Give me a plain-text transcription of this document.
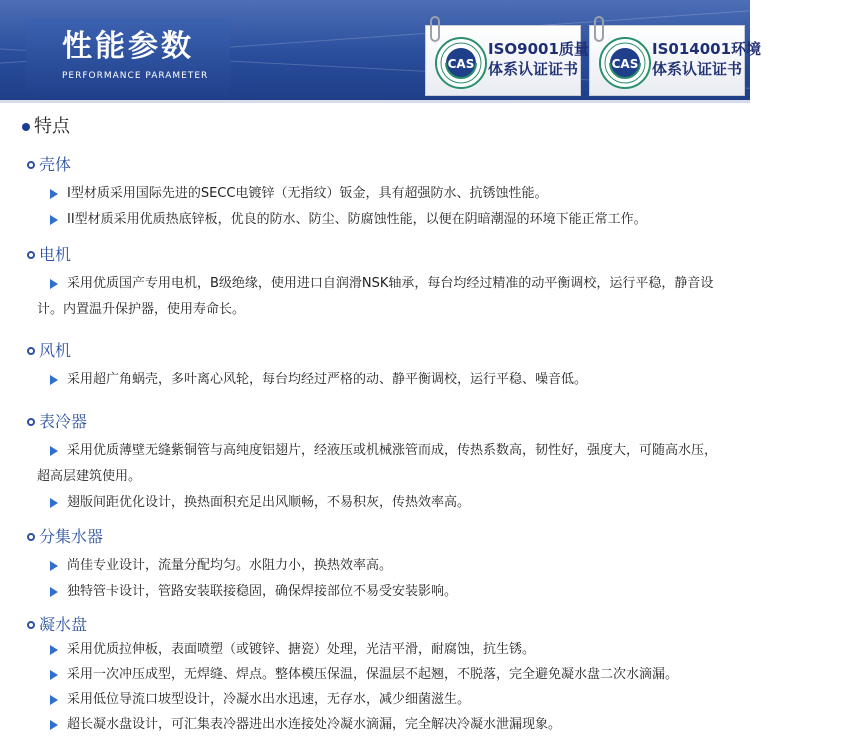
性能参数
PERFORMANCE PARAMETER
CAS
ISO9001质量
体系认证证书	CAS
IS014001环境
体系认证证书
特点
壳体
I型材质采用国际先进的SECC电镀锌（无指纹）钣金，具有超强防水、抗锈蚀性能。
II型材质采用优质热底锌板，优良的防水、防尘、防腐蚀性能，以便在阴暗潮湿的环境下能正常工作。
电机
采用优质国产专用电机，B级绝缘，使用进口自润滑NSK轴承，每台均经过精准的动平衡调校，运行平稳，静音设计。内置温升保护器，使用寿命长。
风机
采用超广角蜗壳，多叶离心风轮，每台均经过严格的动、静平衡调校，运行平稳、噪音低。
表冷器
采用优质薄壁无缝紫铜管与高纯度铝翅片，经液压或机械涨管而成，传热系数高，韧性好，强度大，可随高水压，超高层建筑使用。
翅版间距优化设计，换热面积充足出风顺畅，不易积灰，传热效率高。
分集水器
尚佳专业设计，流量分配均匀。水阻力小，换热效率高。
独特管卡设计，管路安装联接稳固，确保焊接部位不易受安装影响。
凝水盘
采用优质拉伸板，表面喷塑（或镀锌、搪瓷）处理，光洁平滑，耐腐蚀，抗生锈。
采用一次冲压成型，无焊缝、焊点。整体模压保温，保温层不起翘，不脱落，完全避免凝水盘二次水滴漏。
采用低位导流口坡型设计，冷凝水出水迅速，无存水，减少细菌滋生。
超长凝水盘设计，可汇集表冷器进出水连接处冷凝水滴漏，完全解决冷凝水泄漏现象。
